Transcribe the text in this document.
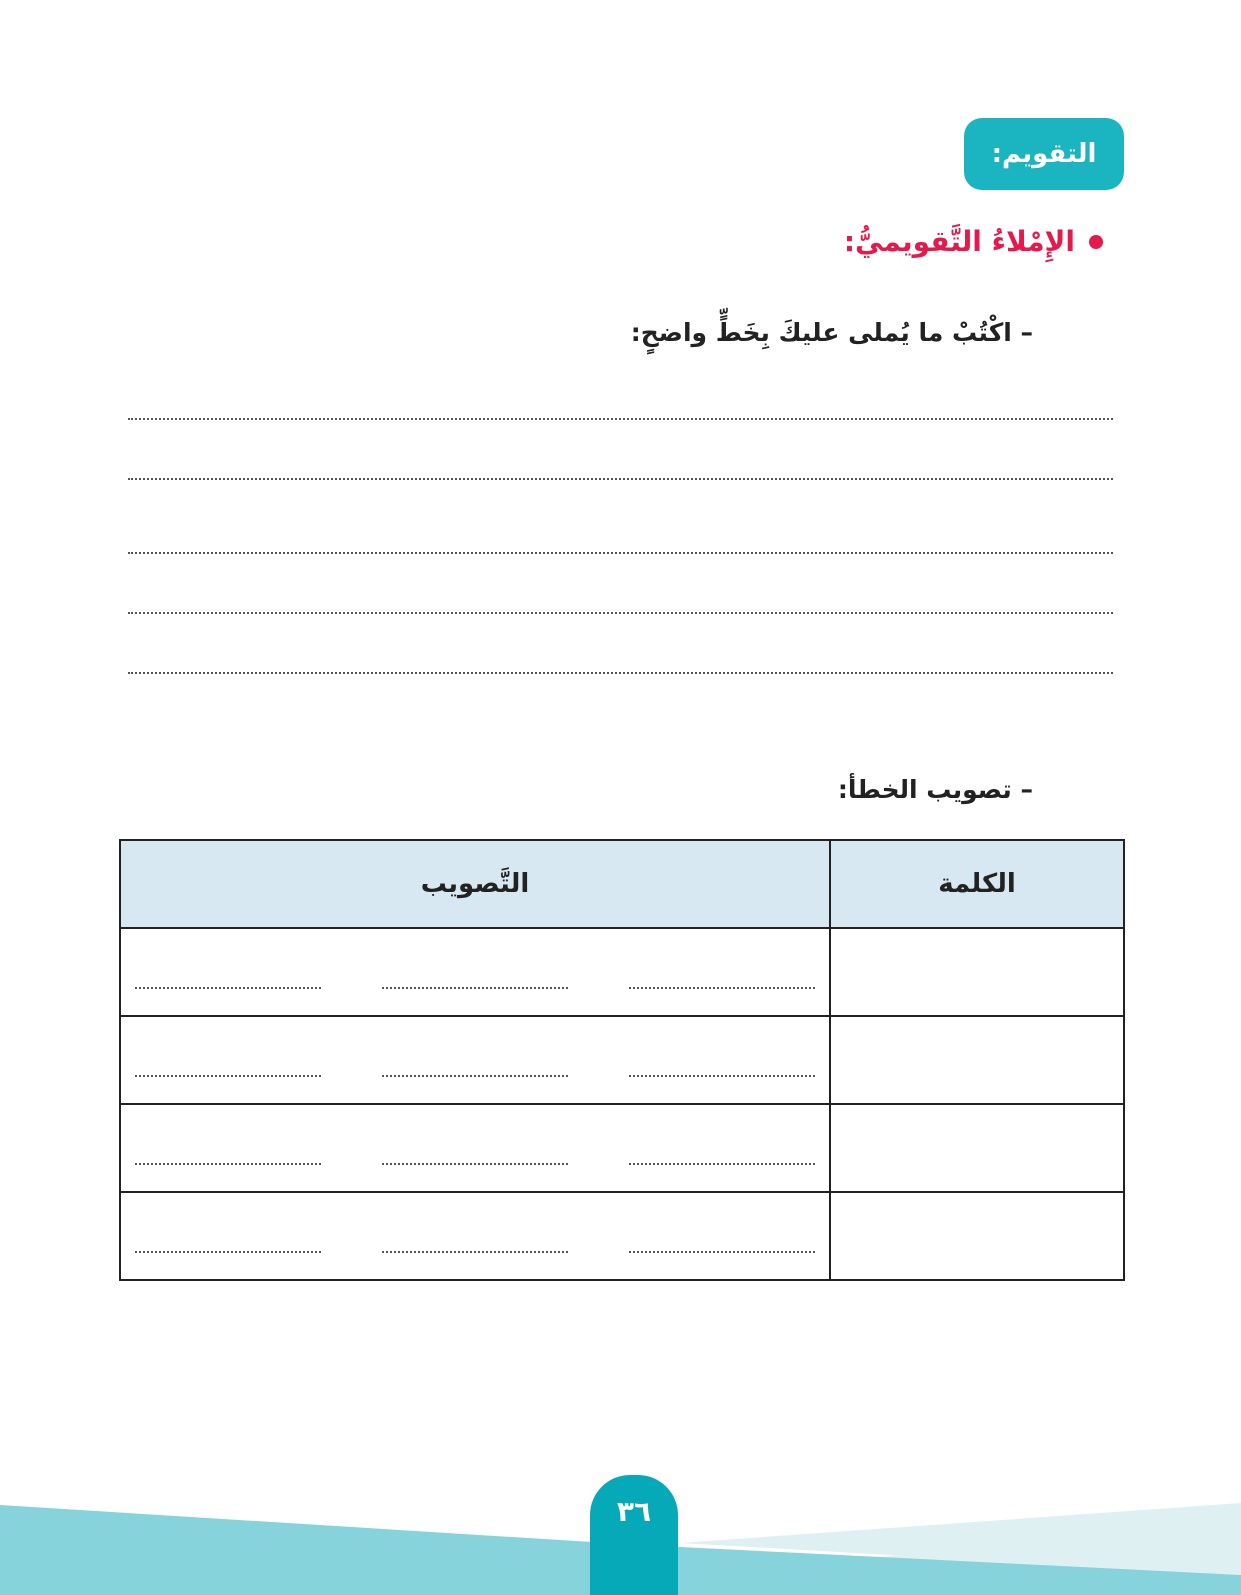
التقويم:
الإِمْلاءُ التَّقويميُّ:
– اكْتُبْ ما يُملى عليكَ بِخَطٍّ واضحٍ:
– تصويب الخطأ:
الكلمة	التَّصويب

٣٦
